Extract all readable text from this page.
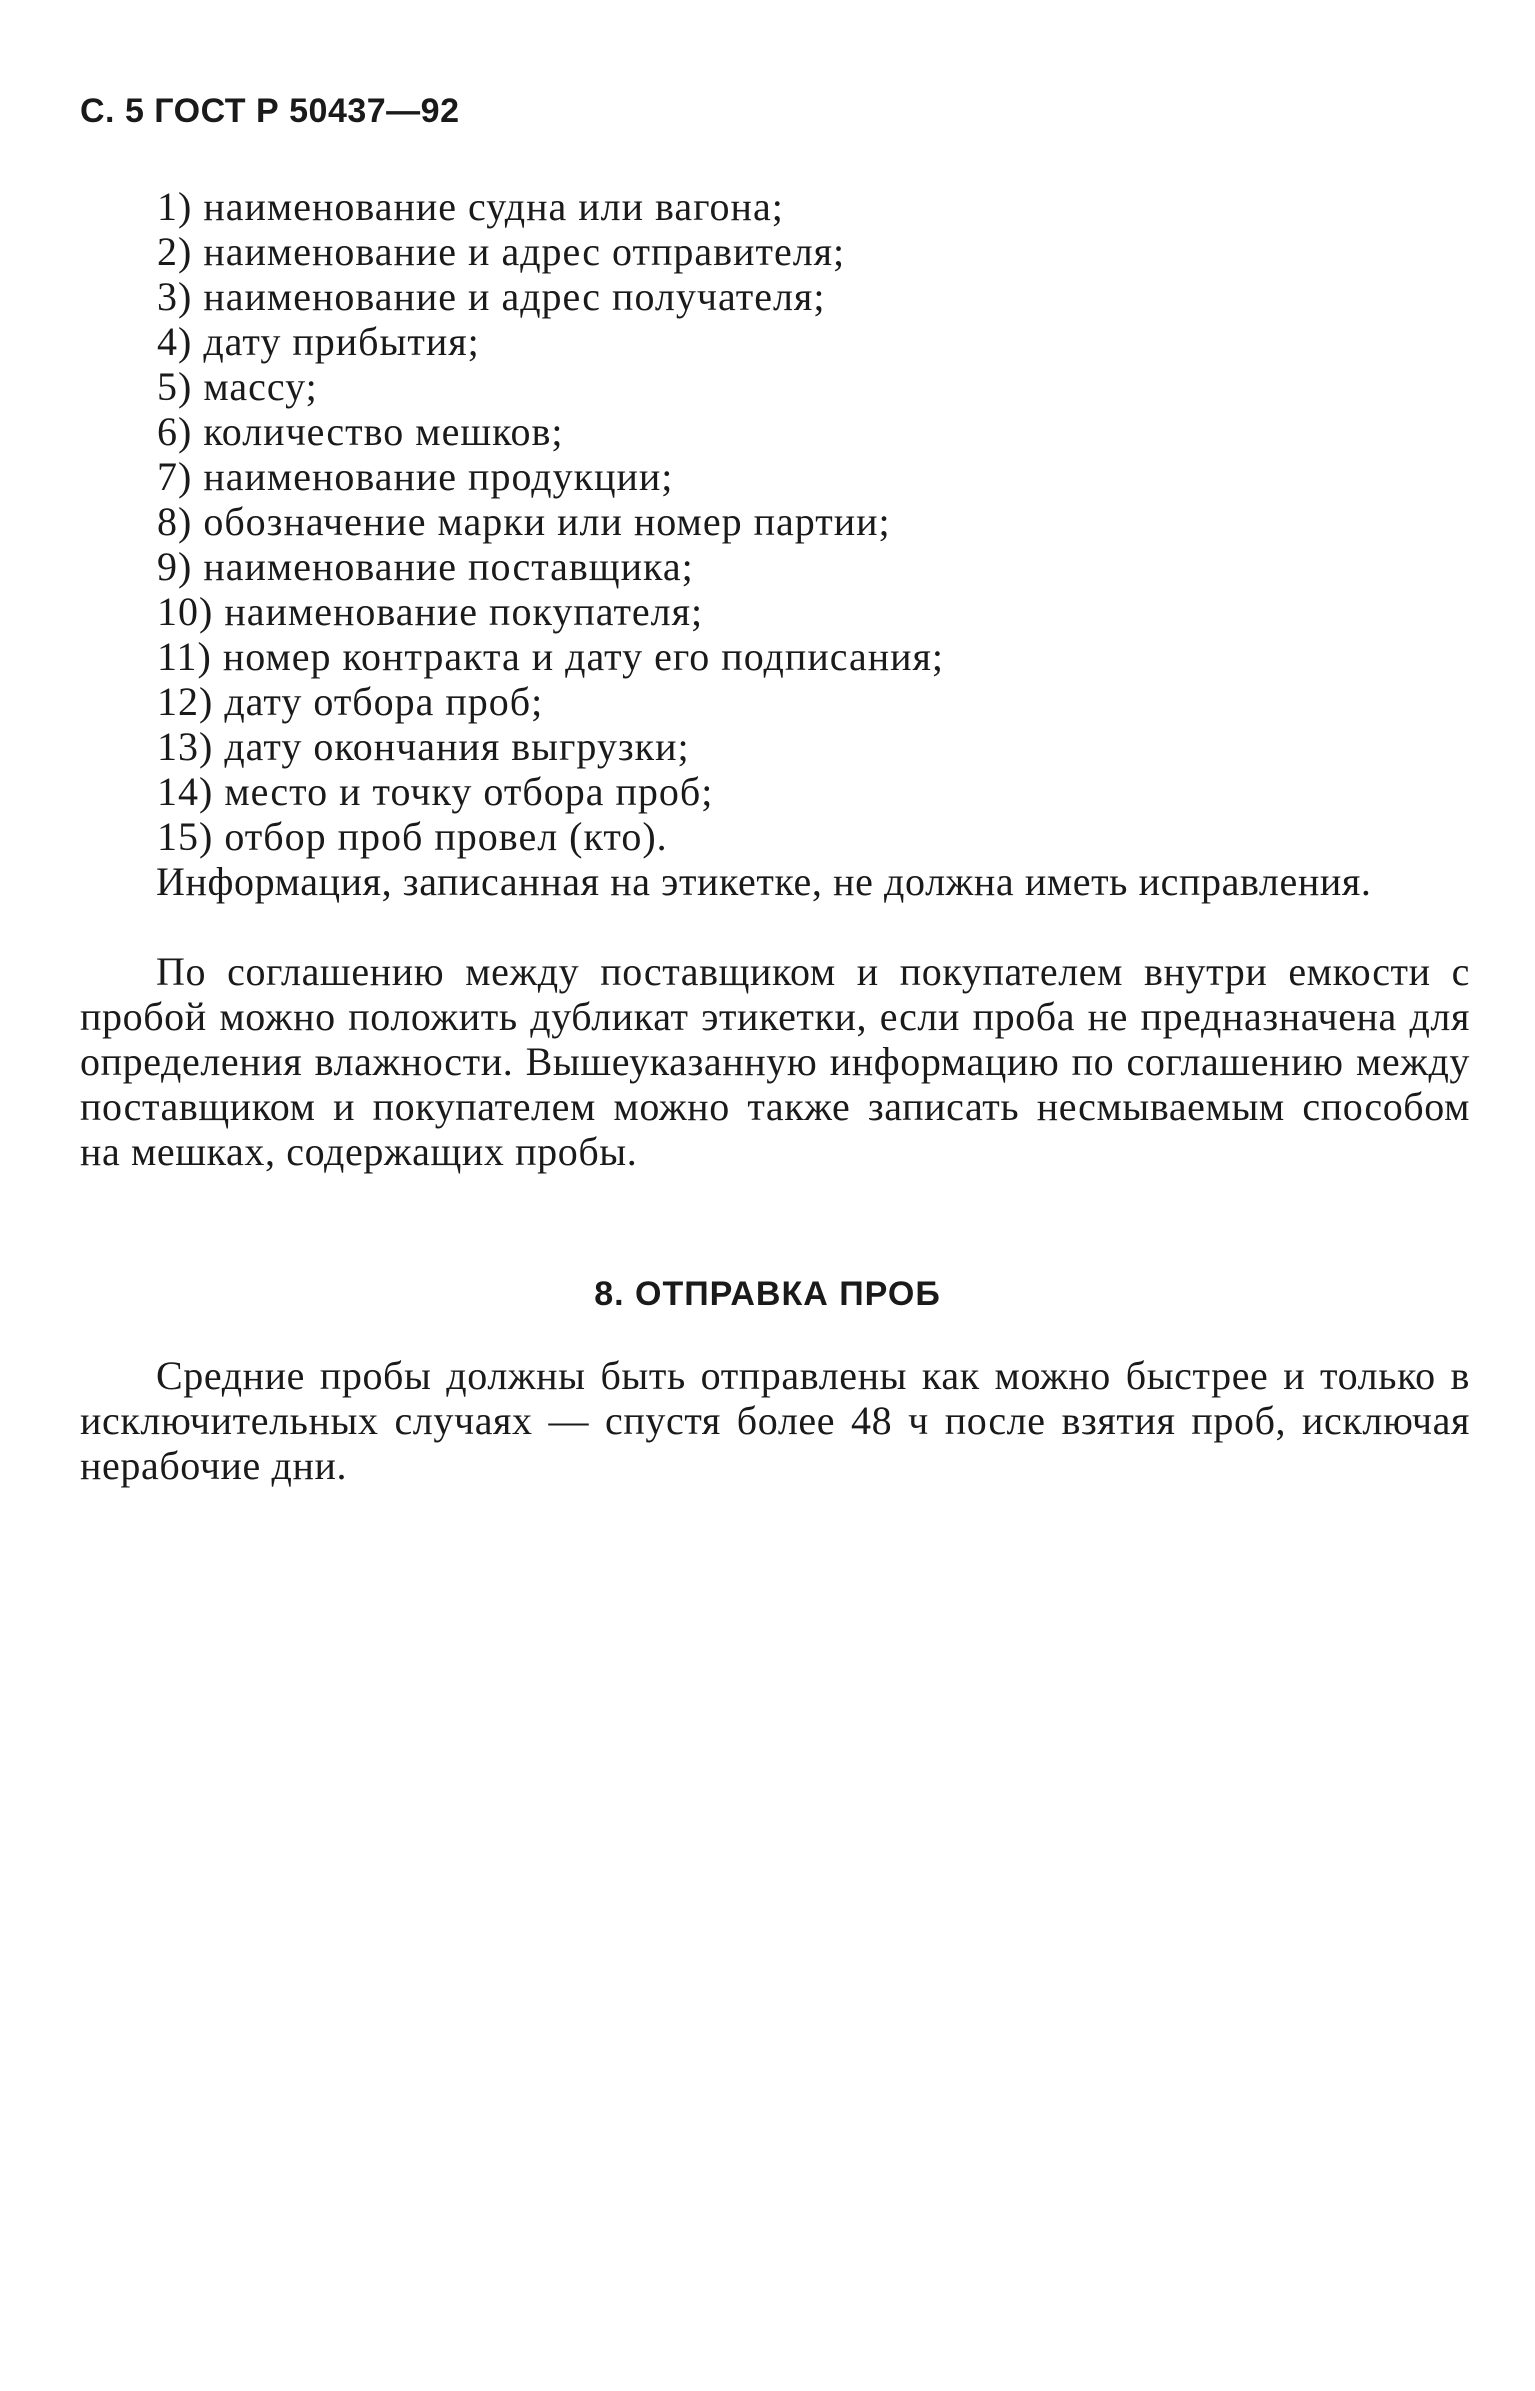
С. 5 ГОСТ Р 50437—92
1) наименование судна или вагона;
2) наименование и адрес отправителя;
3) наименование и адрес получателя;
4) дату прибытия;
5) массу;
6) количество мешков;
7) наименование продукции;
8) обозначение марки или номер партии;
9) наименование поставщика;
10) наименование покупателя;
11) номер контракта и дату его подписания;
12) дату отбора проб;
13) дату окончания выгрузки;
14) место и точку отбора проб;
15) отбор проб провел (кто).

Информация, записанная на этикетке, не должна иметь исправления.

По соглашению между поставщиком и покупателем внутри емкости с пробой можно положить дубликат этикетки, если проба не предназначена для определения влажности. Вышеуказанную информацию по соглашению между поставщиком и покупателем можно также записать несмываемым способом на мешках, содержащих пробы.

8. ОТПРАВКА ПРОБ

Средние пробы должны быть отправлены как можно быстрее и только в исключительных случаях — спустя более 48 ч после взятия проб, исключая нерабочие дни.
